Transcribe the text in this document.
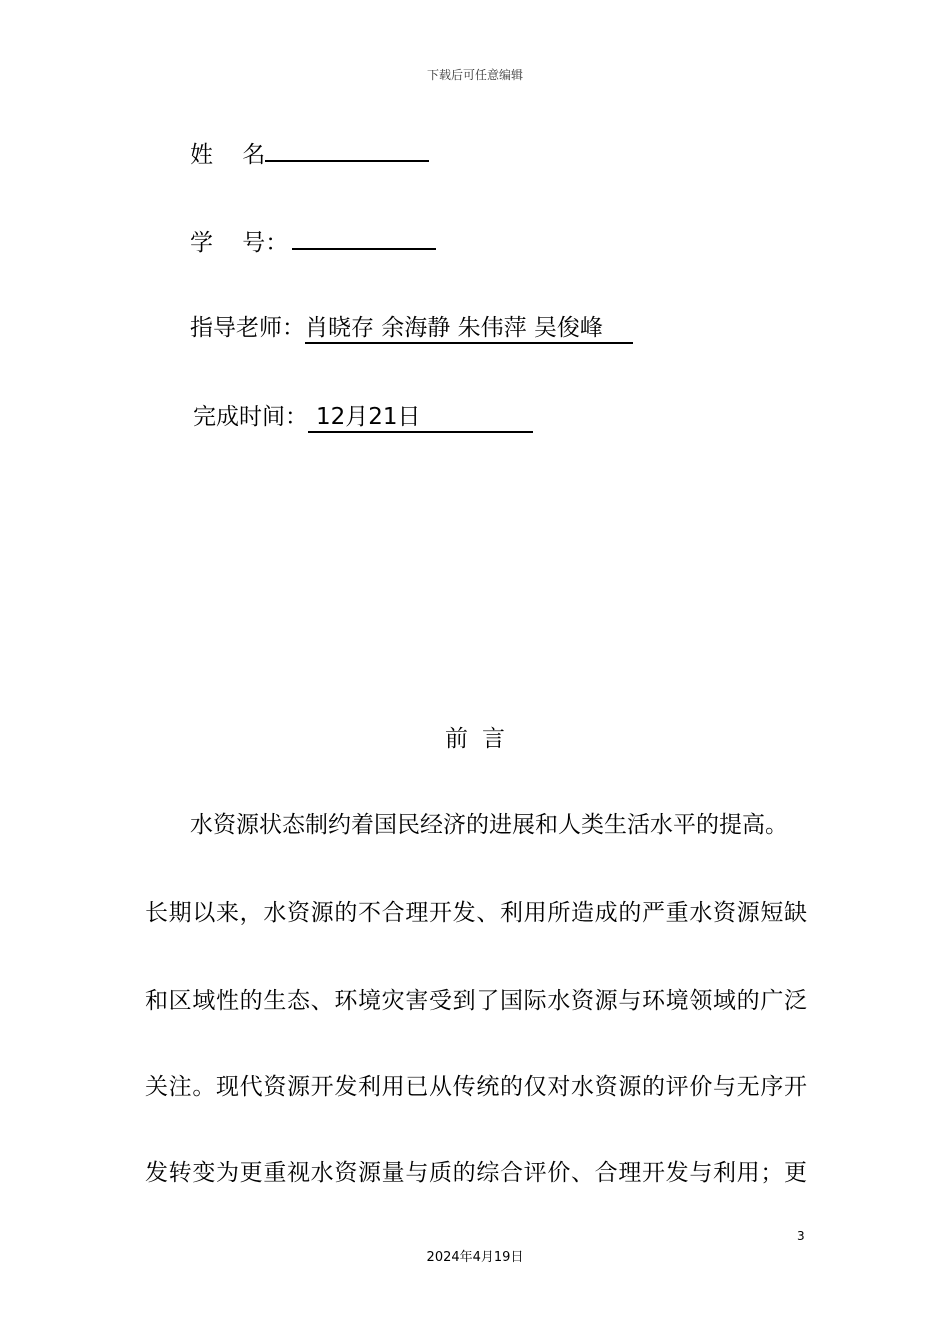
下载后可任意编辑
姓    名
学    号：
指导老师：肖晓存 余海静 朱伟萍 吴俊峰
完成时间： 12月21日
前言
水资源状态制约着国民经济的进展和人类生活水平的提高。
长期以来，水资源的不合理开发、利用所造成的严重水资源短缺
和区域性的生态、环境灾害受到了国际水资源与环境领域的广泛
关注。现代资源开发利用已从传统的仅对水资源的评价与无序开
发转变为更重视水资源量与质的综合评价、合理开发与利用；更
3
2024年4月19日
